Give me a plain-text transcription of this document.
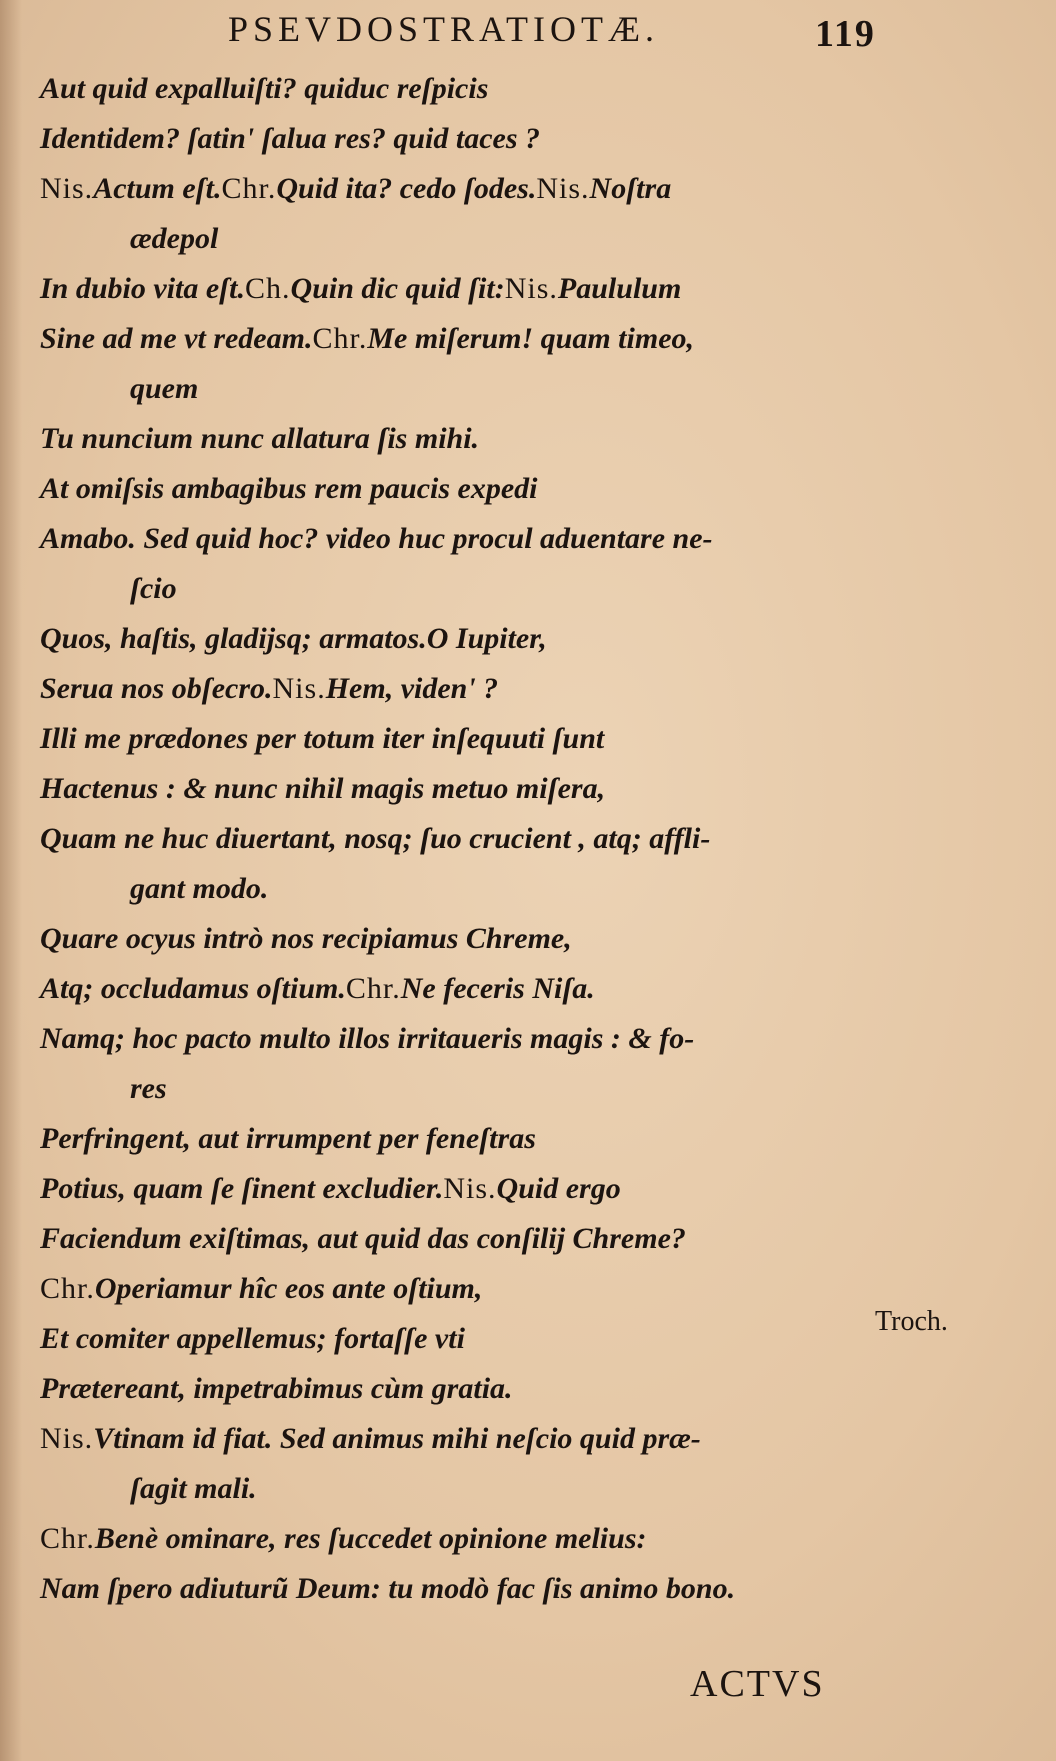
PSEVDOSTRATIOTÆ.	119
Aut quid expalluiſti? quiduc reſpicis
Identidem? ſatin' ſalua res? quid taces ?
Nis.Actum eſt.Chr.Quid ita? cedo ſodes.Nis.Noſtra
ædepol
In dubio vita eſt.Ch.Quin dic quid ſit:Nis.Paululum
Sine ad me vt redeam.Chr.Me miſerum! quam timeo,
quem
Tu nuncium nunc allatura ſis mihi.
At omiſsis ambagibus rem paucis expedi
Amabo. Sed quid hoc? video huc procul aduentare ne-
ſcio
Quos, haſtis, gladijsq; armatos.O Iupiter,
Serua nos obſecro.Nis.Hem, viden' ?
Illi me prædones per totum iter inſequuti ſunt
Hactenus : & nunc nihil magis metuo miſera,
Quam ne huc diuertant, nosq; ſuo crucient , atq; affli-
gant modo.
Quare ocyus intrò nos recipiamus Chreme,
Atq; occludamus oſtium.Chr.Ne feceris Niſa.
Namq; hoc pacto multo illos irritaueris magis : & fo-
res
Perfringent, aut irrumpent per feneſtras
Potius, quam ſe ſinent excludier.Nis.Quid ergo
Faciendum exiſtimas, aut quid das conſilij Chreme?
Chr.Operiamur hîc eos ante oſtium,
Et comiter appellemus; fortaſſe vti
Prætereant, impetrabimus cùm gratia.
Nis.Vtinam id fiat. Sed animus mihi neſcio quid præ-
ſagit mali.
Chr.Benè ominare, res ſuccedet opinione melius:
Nam ſpero adiuturũ Deum: tu modò fac ſis animo bono.
Troch.
ACTVS
